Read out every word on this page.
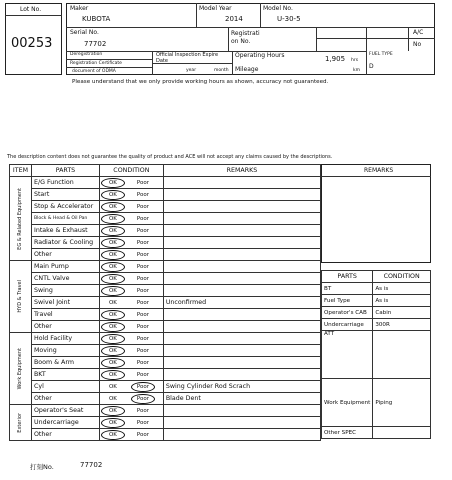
Lot No.
00253
Maker
KUBOTA
Model Year
2014
Model No.
U-30-5
Serial No.
77702
Registrati on No.
A/C
No
Deregistration
Registration Certificate
document of ODMA
Official Inspection Expire Date
year	month
Operating Hours	1,905 hrs
Mileage	km
FUEL TYPE
D
Please understand that we only provide working hours as shown, accuracy not guaranteed.
The description content does not guarantee the quality of product and ACE will not accept any claims caused by the descriptions.
ITEM	PARTS	CONDITION	REMARKS

EG & Related Equipment	E/G Function	OK Poor	
	Start	OK Poor	
	Stop & Accelerator	OK Poor	
	Block & Head & Oil Pan	OK Poor	
	Intake & Exhaust	OK Poor	
	Radiator & Cooling	OK Poor	
	Other	OK Poor	

HYD & Travel	Main Pump	OK Poor	
	CNTL Valve	OK Poor	
	Swing	OK Poor	
	Swivel Joint	OK Poor	Unconfirmed
	Travel	OK Poor	
	Other	OK Poor	

Work Equipment	Hold Facility	OK Poor	
	Moving	OK Poor	
	Boom & Arm	OK Poor	
	BKT	OK Poor	
	Cyl	OK Poor	Swing Cylinder Rod Scrach
	Other	OK Poor	Blade Dent

Exterior	Operator's Seat	OK Poor	
	Undercarriage	OK Poor	
	Other	OK Poor	
REMARKS
PARTS	CONDITION
BT	As is
Fuel Type	As is
Operator's CAB	Cabin
Undercarriage	300R
ATT	
Work Equipment	Piping
Other SPEC	
打刻No.	77702
